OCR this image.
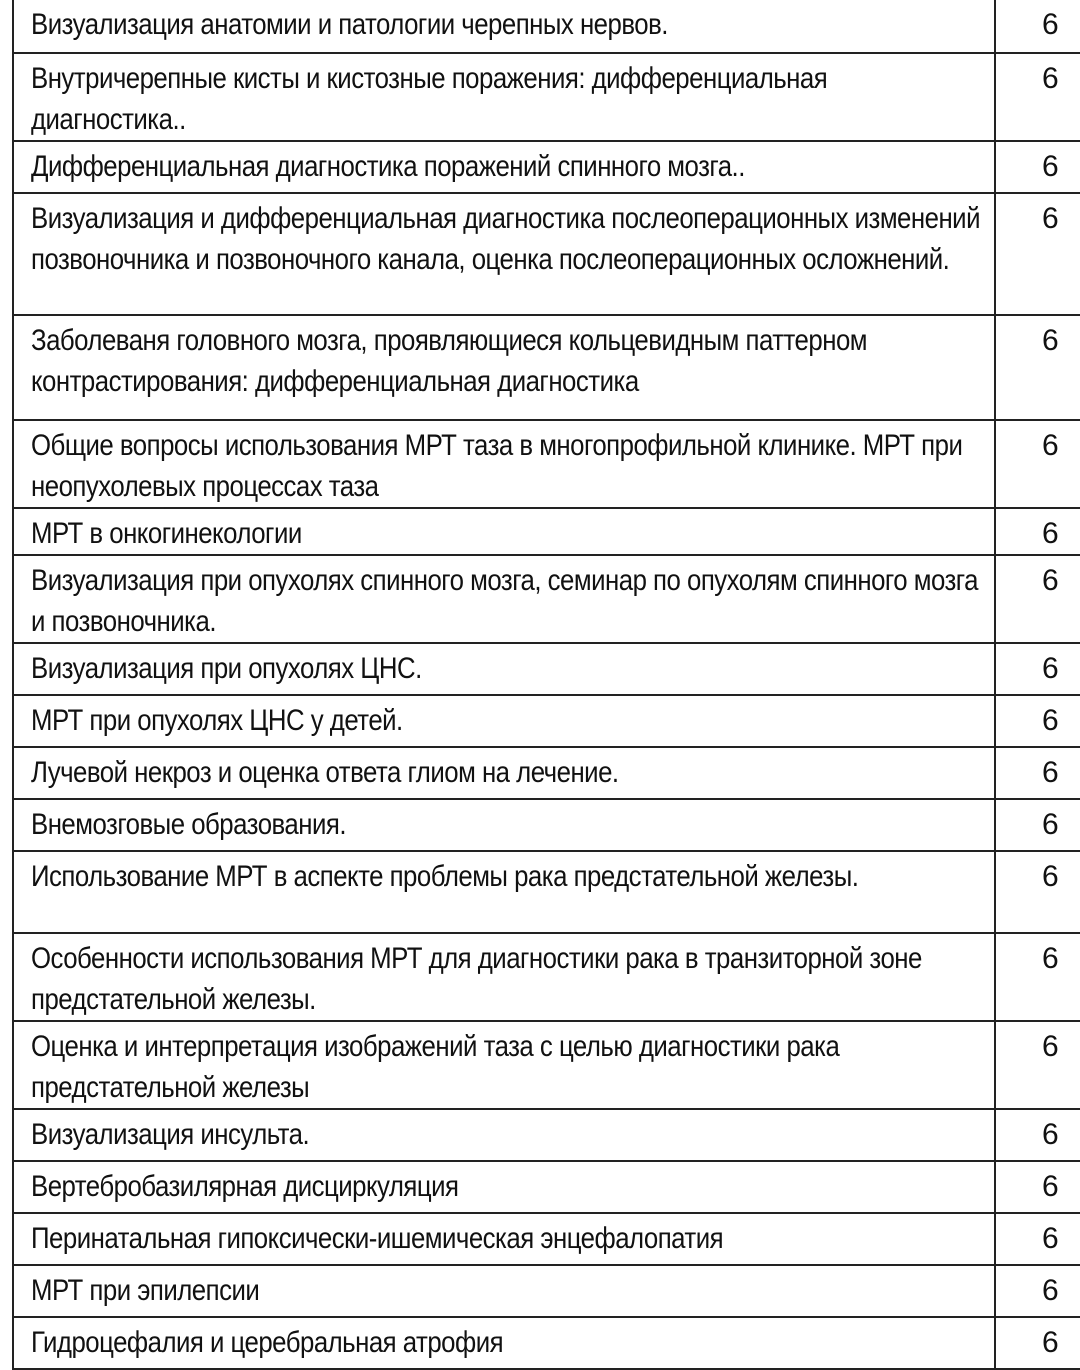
Визуализация анатомии и патологии черепных нервов.	6
Внутричерепные кисты и кистозные поражения: дифференциальная диагностика..	6
Дифференциальная диагностика поражений спинного мозга..	6
Визуализация и дифференциальная диагностика послеоперационных изменений позвоночника и позвоночного канала, оценка послеоперационных осложнений.	6
Заболеваня головного мозга, проявляющиеся кольцевидным паттерном контрастирования: дифференциальная диагностика	6
Общие вопросы использования МРТ таза в многопрофильной клинике. МРТ при неопухолевых процессах таза	6
МРТ в онкогинекологии	6
Визуализация при опухолях спинного мозга, семинар по опухолям спинного мозга и позвоночника.	6
Визуализация при опухолях ЦНС.	6
МРТ при опухолях ЦНС у детей.	6
Лучевой некроз и оценка ответа глиом на лечение.	6
Внемозговые образования.	6
Использование МРТ в аспекте проблемы рака предстательной железы.	6
Особенности использования МРТ для диагностики рака в транзиторной зоне предстательной железы.	6
Оценка и интерпретация изображений таза с целью диагностики рака предстательной железы	6
Визуализация инсульта.	6
Вертебробазилярная дисциркуляция	6
Перинатальная гипоксически-ишемическая энцефалопатия	6
МРТ при эпилепсии	6
Гидроцефалия и церебральная атрофия	6
